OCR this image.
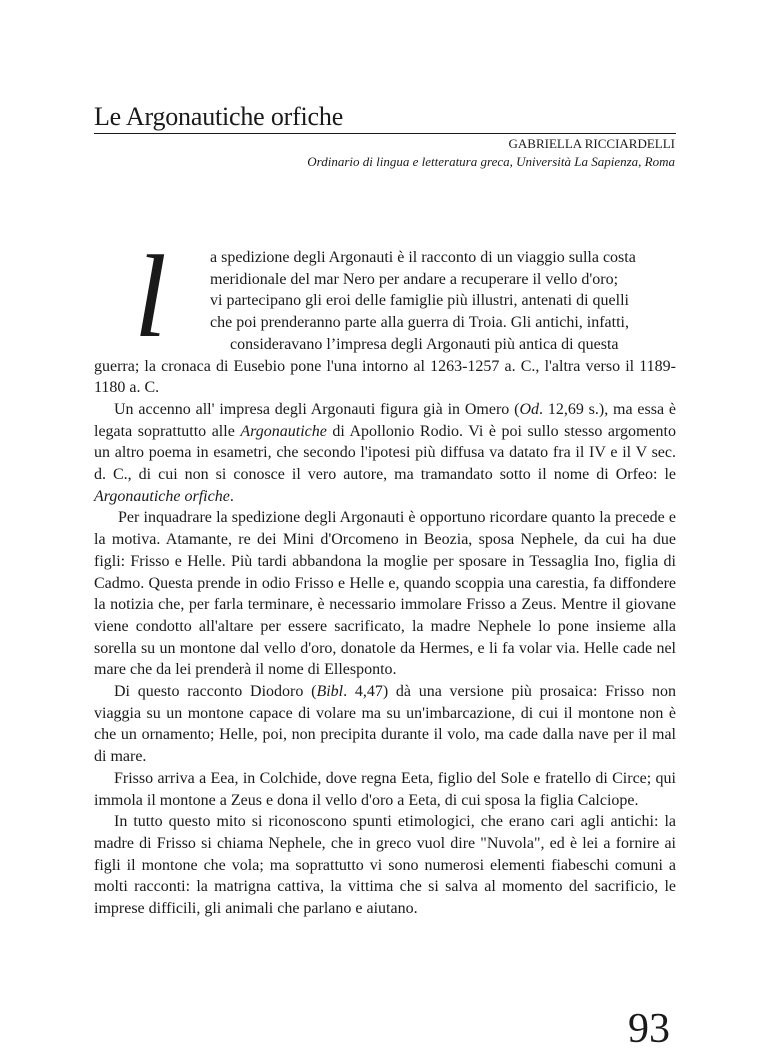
Le Argonautiche orfiche
GABRIELLA RICCIARDELLI
Ordinario di lingua e letteratura greca, Università La Sapienza, Roma
l	a spedizione degli Argonauti è il racconto di un viaggio sulla costa
meridionale del mar Nero per andare a recuperare il vello d'oro;
vi partecipano gli eroi delle famiglie più illustri, antenati di quelli
che poi prenderanno parte alla guerra di Troia. Gli antichi, infatti,
consideravano l’impresa degli Argonauti più antica di questa

guerra; la cronaca di Eusebio pone l'una intorno al 1263-1257 a. C., l'altra verso il 1189-1180 a. C.

Un accenno all' impresa degli Argonauti figura già in Omero (Od. 12,69 s.), ma essa è legata soprattutto alle Argonautiche di Apollonio Rodio. Vi è poi sullo stesso argomento un altro poema in esametri, che secondo l'ipotesi più diffusa va datato fra il IV e il V sec. d. C., di cui non si conosce il vero autore, ma tramandato sotto il nome di Orfeo: le Argonautiche orfiche.

Per inquadrare la spedizione degli Argonauti è opportuno ricordare quanto la precede e la motiva. Atamante, re dei Mini d'Orcomeno in Beozia, sposa Nephele, da cui ha due figli: Frisso e Helle. Più tardi abbandona la moglie per sposare in Tessaglia Ino, figlia di Cadmo. Questa prende in odio Frisso e Helle e, quando scoppia una carestia, fa diffondere la notizia che, per farla terminare, è necessario immolare Frisso a Zeus. Mentre il giovane viene condotto all'altare per essere sacrificato, la madre Nephele lo pone insieme alla sorella su un montone dal vello d'oro, donatole da Hermes, e li fa volar via. Helle cade nel mare che da lei prenderà il nome di Ellesponto.

Di questo racconto Diodoro (Bibl. 4,47) dà una versione più prosaica: Frisso non viaggia su un montone capace di volare ma su un'imbarcazione, di cui il montone non è che un ornamento; Helle, poi, non precipita durante il volo, ma cade dalla nave per il mal di mare.

Frisso arriva a Eea, in Colchide, dove regna Eeta, figlio del Sole e fratello di Circe; qui immola il montone a Zeus e dona il vello d'oro a Eeta, di cui sposa la figlia Calciope.

In tutto questo mito si riconoscono spunti etimologici, che erano cari agli antichi: la madre di Frisso si chiama Nephele, che in greco vuol dire "Nuvola", ed è lei a fornire ai figli il montone che vola; ma soprattutto vi sono numerosi elementi fiabeschi comuni a molti racconti: la matrigna cattiva, la vittima che si salva al momento del sacrificio, le imprese difficili, gli animali che parlano e aiutano.

93
